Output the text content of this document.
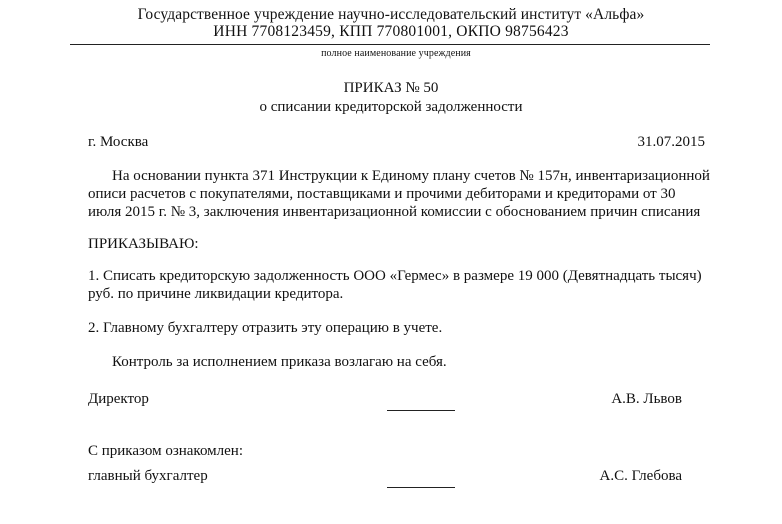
Государственное учреждение научно-исследовательский институт «Альфа»
ИНН 7708123459, КПП 770801001, ОКПО 98756423
полное наименование учреждения
ПРИКАЗ № 50
о списании кредиторской задолженности
г. Москва	31.07.2015
На основании пункта 371 Инструкции к Единому плану счетов № 157н, инвентаризационной описи расчетов с покупателями, поставщиками и прочими дебиторами и кредиторами от 30 июля 2015 г. № 3, заключения инвентаризационной комиссии с обоснованием причин списания
ПРИКАЗЫВАЮ:
1. Списать кредиторскую задолженность ООО «Гермес» в размере 19 000 (Девятнадцать тысяч) руб. по причине ликвидации кредитора.
2. Главному бухгалтеру отразить эту операцию в учете.
Контроль за исполнением приказа возлагаю на себя.
Директор	А.В. Львов
С приказом ознакомлен:
главный бухгалтер	А.С. Глебова
